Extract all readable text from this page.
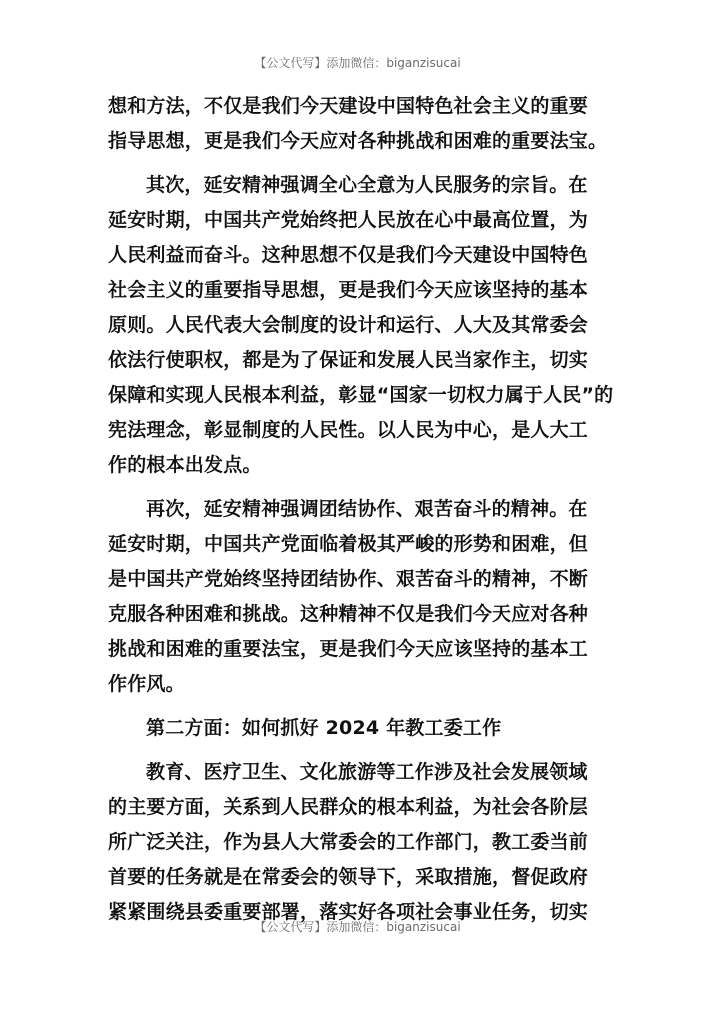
【公文代写】添加微信：biganzisucai
想和方法，不仅是我们今天建设中国特色社会主义的重要
指导思想，更是我们今天应对各种挑战和困难的重要法宝。
其次，延安精神强调全心全意为人民服务的宗旨。在
延安时期，中国共产党始终把人民放在心中最高位置，为
人民利益而奋斗。这种思想不仅是我们今天建设中国特色
社会主义的重要指导思想，更是我们今天应该坚持的基本
原则。人民代表大会制度的设计和运行、人大及其常委会
依法行使职权，都是为了保证和发展人民当家作主，切实
保障和实现人民根本利益，彰显“国家一切权力属于人民”的
宪法理念，彰显制度的人民性。以人民为中心，是人大工
作的根本出发点。
再次，延安精神强调团结协作、艰苦奋斗的精神。在
延安时期，中国共产党面临着极其严峻的形势和困难，但
是中国共产党始终坚持团结协作、艰苦奋斗的精神，不断
克服各种困难和挑战。这种精神不仅是我们今天应对各种
挑战和困难的重要法宝，更是我们今天应该坚持的基本工
作作风。
第二方面：如何抓好 2024 年教工委工作
教育、医疗卫生、文化旅游等工作涉及社会发展领域
的主要方面，关系到人民群众的根本利益，为社会各阶层
所广泛关注，作为县人大常委会的工作部门，教工委当前
首要的任务就是在常委会的领导下，采取措施，督促政府
紧紧围绕县委重要部署，落实好各项社会事业任务，切实
【公文代写】添加微信：biganzisucai
